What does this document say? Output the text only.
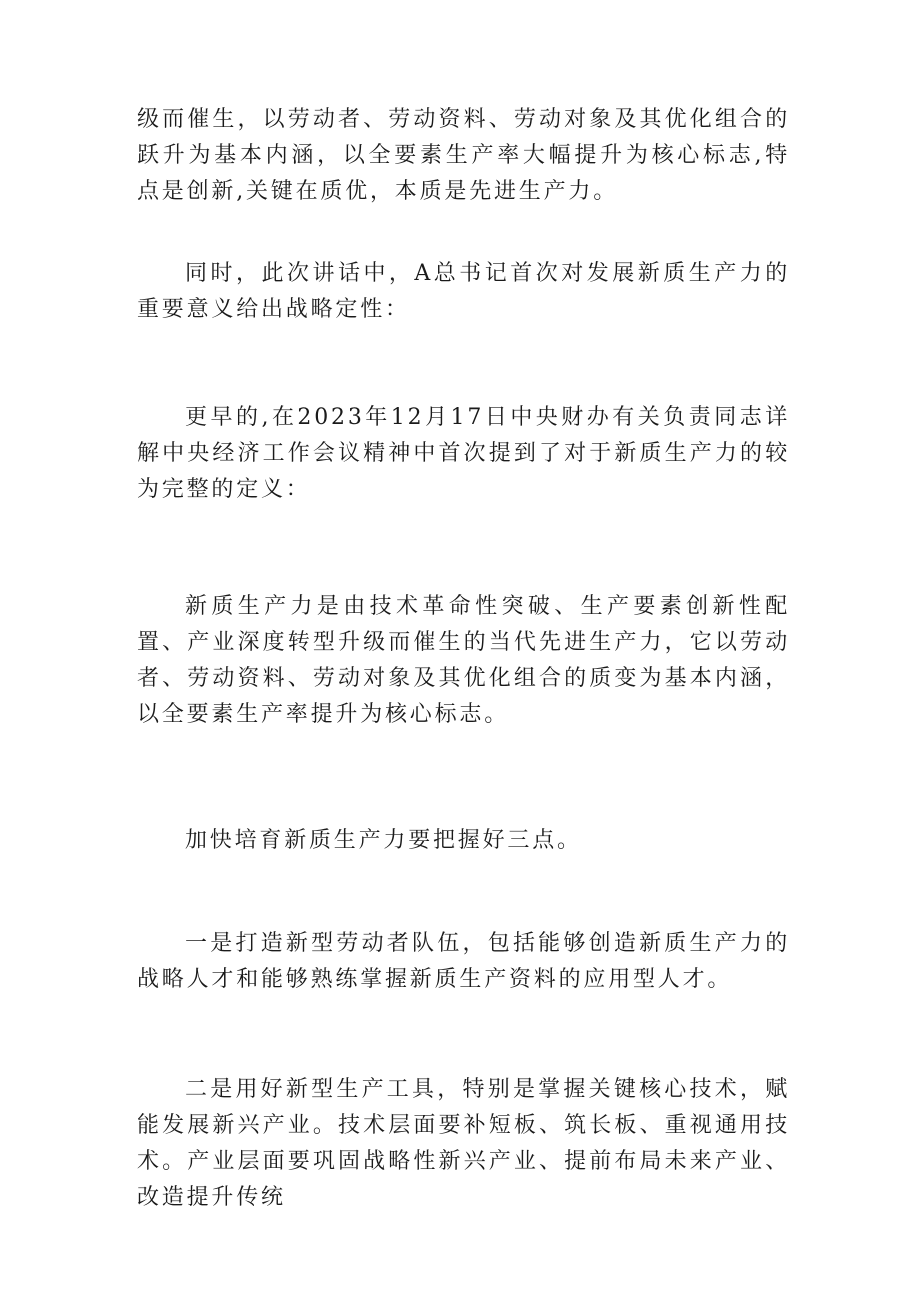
级而催生，以劳动者、劳动资料、劳动对象及其优化组合的跃升为基本内涵，以全要素生产率大幅提升为核心标志,特点是创新,关键在质优，本质是先进生产力。

同时，此次讲话中，A总书记首次对发展新质生产力的重要意义给出战略定性：

更早的,在2023年12月17日中央财办有关负责同志详解中央经济工作会议精神中首次提到了对于新质生产力的较为完整的定义：

新质生产力是由技术革命性突破、生产要素创新性配置、产业深度转型升级而催生的当代先进生产力，它以劳动者、劳动资料、劳动对象及其优化组合的质变为基本内涵，以全要素生产率提升为核心标志。

加快培育新质生产力要把握好三点。

一是打造新型劳动者队伍，包括能够创造新质生产力的战略人才和能够熟练掌握新质生产资料的应用型人才。

二是用好新型生产工具，特别是掌握关键核心技术，赋能发展新兴产业。技术层面要补短板、筑长板、重视通用技术。产业层面要巩固战略性新兴产业、提前布局未来产业、改造提升传统
